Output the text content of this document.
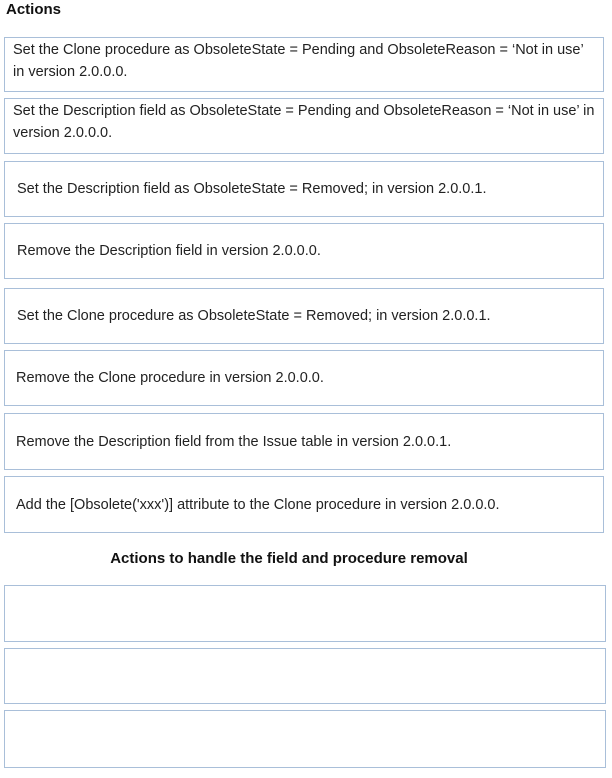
Actions
Set the Clone procedure as ObsoleteState = Pending and ObsoleteReason = ‘Not in use’ in version 2.0.0.0.
Set the Description field as ObsoleteState = Pending and ObsoleteReason = ‘Not in use’ in version 2.0.0.0.
Set the Description field as ObsoleteState = Removed; in version 2.0.0.1.
Remove the Description field in version 2.0.0.0.
Set the Clone procedure as ObsoleteState = Removed; in version 2.0.0.1.
Remove the Clone procedure in version 2.0.0.0.
Remove the Description field from the Issue table in version 2.0.0.1.
Add the [Obsolete('xxx')] attribute to the Clone procedure in version 2.0.0.0.
Actions to handle the field and procedure removal
